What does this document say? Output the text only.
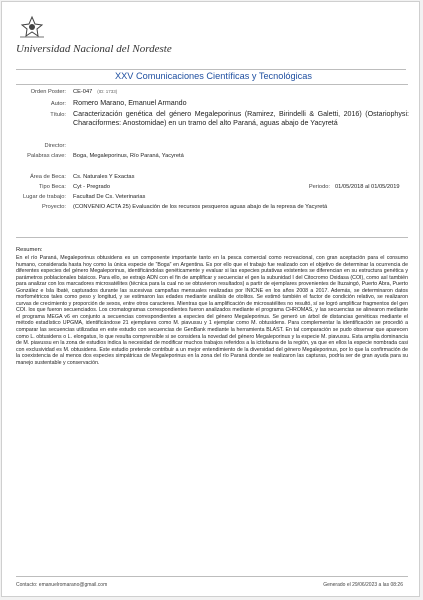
Universidad Nacional del Nordeste
XXV Comunicaciones Científicas y Tecnológicas
Orden Poster: CE-047 (ID: 1733)
Autor: Romero Marano, Emanuel Armando
Título: Caracterización genética del género Megaleporinus (Ramirez, Birindelli & Galetti, 2016) (Ostariophysi: Characiformes: Anostomidae) en un tramo del alto Paraná, aguas abajo de Yacyretá
Director:
Palabras clave: Boga, Megaleporinus, Río Paraná, Yacyretá
Área de Beca: Cs. Naturales Y Exactas
Tipo Beca: Cyt - Pregrado	Periodo: 01/05/2018 al 01/05/2019
Lugar de trabajo: Facultad De Cs. Veterinarias
Proyecto: (CONVENIO ACTA 25) Evaluación de los recursos pesqueros aguas abajo de la represa de Yacyretá
Resumen:
En el río Paraná, Megaleporinus obtusidens es un componente importante tanto en la pesca comercial como recreacional, con gran aceptación para el consumo humano, considerada hasta hoy como la única especie de “Boga” en Argentina. Es por ello que el trabajo fue realizado con el objetivo de determinar la ocurrencia de diferentes especies del género Megaleporinus, identificándolas genéticamente y evaluar si las especies putativas existentes se diferencian en su estructura genética y parámetros poblacionales básicos. Para ello, se extrajo ADN con el fin de amplificar y secuenciar el gen la subunidad I del Citocromo Oxidasa (COI), como así también para analizar con los marcadores microsatélites (técnica para la cual no se obtuvieron resultados) a partir de ejemplares provenientes de Ituzaingó, Puerto Abra, Puerto González e Isla Ibaté, capturados durante las sucesivas campañas mensuales realizadas por INICNE en los años 2008 a 2017. Además, se determinaron datos morfométricos tales como peso y longitud, y se estimaron las edades mediante análisis de otolitos. Se estimó también el factor de condición relativo, se realizaron curvas de crecimiento y proporción de sexos, entre otros caracteres. Mientras que la amplificación de microsatélites no resultó, sí se logró amplificar fragmentos del gen COI. los que fueron secuenciados. Los cromatogramas correspondientes fueron analizados mediante el programa CHROMAS, y las secuencias se alinearon mediante el programa MEGA v6 en conjunto a secuencias correspondientes a especies del género Megaleporinus. Se generó un árbol de distancias genéticas mediante el método estadístico UPGMA, identificándose 21 ejemplares como M. piavussu y 1 ejemplar como M. obtusidens. Para complementar la identificación se procedió a comparar las secuencias utilizadas en este estudio con secuencias de GenBank mediante la herramienta BLAST. En tal comparación se pudo observar que aparecen como L. obtusidens o L. elongatus, lo que resulta comprensible si se considera la novedad del género Megaleporinus y la especie M. piavussu. Esta amplia dominancia de M. piavussu en la zona de estudios indica la necesidad de modificar muchos trabajos referidos a la ictiofauna de la región, ya que en ellos la especie nombrada casi con exclusividad es M. obtusidens. Este estudio pretende contribuir a un mejor entendimiento de la diversidad del género Megaleporinus, por lo que la confirmación de la coexistencia de al menos dos especies simpátricas de Megaleporinus en la zona del río Paraná donde se realizaron las capturas, podría ser de gran ayuda para su manejo sustentable y conservación.
Contacto: emanuelromarano@gmail.com	Generado el 29/06/2023 a las 08:26
